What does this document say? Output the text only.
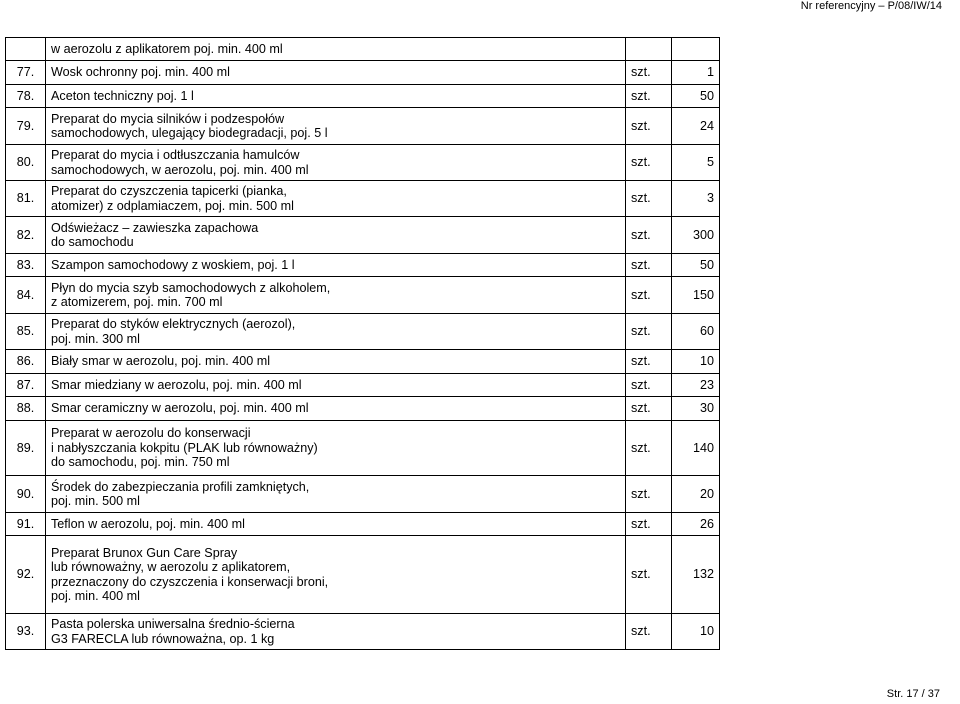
Nr referencyjny – P/08/IW/14
	w aerozolu z aplikatorem poj. min. 400 ml		
77.	Wosk ochronny poj. min. 400 ml	szt.	1
78.	Aceton techniczny poj. 1 l	szt.	50
79.	Preparat do mycia silników i podzespołów
samochodowych, ulegający biodegradacji, poj. 5 l	szt.	24
80.	Preparat do mycia i odtłuszczania hamulców
samochodowych, w aerozolu, poj. min. 400 ml	szt.	5
81.	Preparat do czyszczenia tapicerki (pianka,
atomizer) z odplamiaczem, poj. min. 500 ml	szt.	3
82.	Odświeżacz – zawieszka zapachowa
do samochodu	szt.	300
83.	Szampon samochodowy z woskiem, poj. 1 l	szt.	50
84.	Płyn do mycia szyb samochodowych z alkoholem,
z atomizerem, poj. min. 700 ml	szt.	150
85.	Preparat do styków elektrycznych (aerozol),
poj. min. 300 ml	szt.	60
86.	Biały smar w aerozolu, poj. min. 400 ml	szt.	10
87.	Smar miedziany w aerozolu, poj. min. 400 ml	szt.	23
88.	Smar ceramiczny w aerozolu, poj. min. 400 ml	szt.	30
89.	Preparat w aerozolu do konserwacji
i nabłyszczania kokpitu (PLAK lub równoważny)
do samochodu, poj. min. 750 ml	szt.	140
90.	Środek do zabezpieczania profili zamkniętych,
poj. min. 500 ml	szt.	20
91.	Teflon w aerozolu, poj. min. 400 ml	szt.	26
92.	Preparat Brunox Gun Care Spray
lub równoważny, w aerozolu z aplikatorem,
przeznaczony do czyszczenia i konserwacji broni,
poj. min. 400 ml	szt.	132
93.	Pasta polerska uniwersalna średnio-ścierna
G3 FARECLA lub równoważna, op. 1 kg	szt.	10
Str. 17 / 37
